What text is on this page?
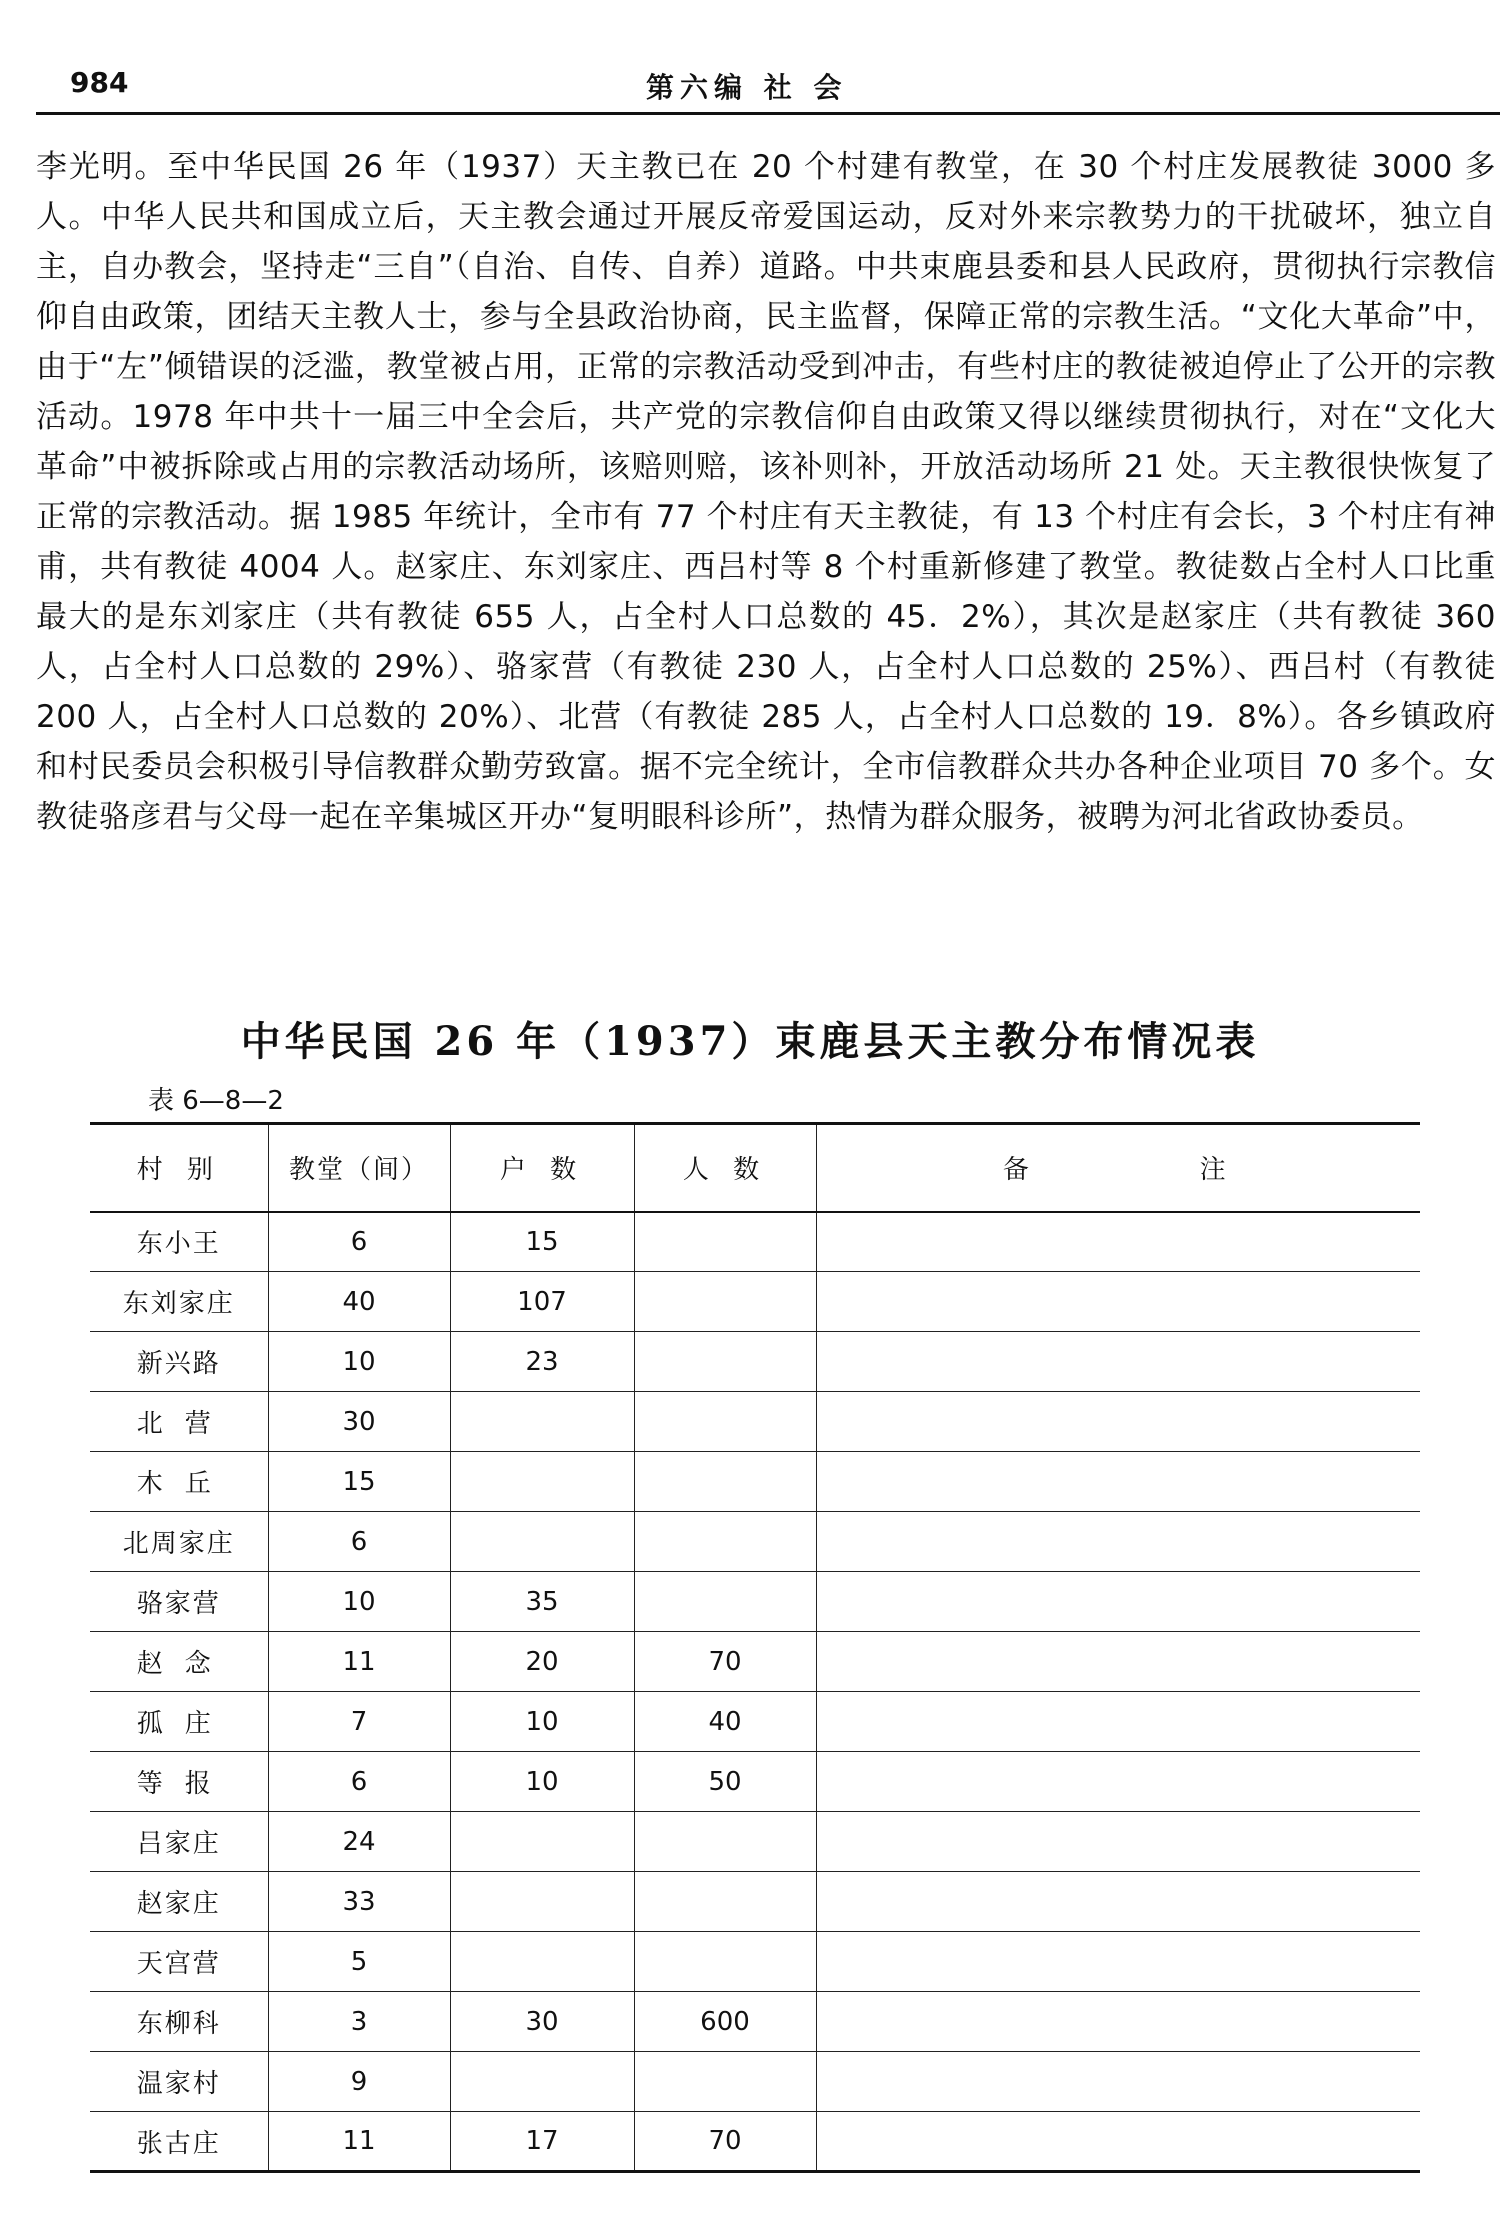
984	第六编 社 会

李光明。至中华民国 26 年（1937）天主教已在 20 个村建有教堂，在 30 个村庄发展教徒 3000 多人。中华人民共和国成立后，天主教会通过开展反帝爱国运动，反对外来宗教势力的干扰破坏，独立自主，自办教会，坚持走“三自”（自治、自传、自养）道路。中共束鹿县委和县人民政府，贯彻执行宗教信仰自由政策，团结天主教人士，参与全县政治协商，民主监督，保障正常的宗教生活。“文化大革命”中，由于“左”倾错误的泛滥，教堂被占用，正常的宗教活动受到冲击，有些村庄的教徒被迫停止了公开的宗教活动。1978 年中共十一届三中全会后，共产党的宗教信仰自由政策又得以继续贯彻执行，对在“文化大革命”中被拆除或占用的宗教活动场所，该赔则赔，该补则补，开放活动场所 21 处。天主教很快恢复了正常的宗教活动。据 1985 年统计，全市有 77 个村庄有天主教徒，有 13 个村庄有会长，3 个村庄有神甫，共有教徒 4004 人。赵家庄、东刘家庄、西吕村等 8 个村重新修建了教堂。教徒数占全村人口比重最大的是东刘家庄（共有教徒 655 人，占全村人口总数的 45．2%），其次是赵家庄（共有教徒 360 人，占全村人口总数的 29%）、骆家营（有教徒 230 人，占全村人口总数的 25%）、西吕村（有教徒 200 人，占全村人口总数的 20%）、北营（有教徒 285 人，占全村人口总数的 19．8%）。各乡镇政府和村民委员会积极引导信教群众勤劳致富。据不完全统计，全市信教群众共办各种企业项目 70 多个。女教徒骆彦君与父母一起在辛集城区开办“复明眼科诊所”，热情为群众服务，被聘为河北省政协委员。

中华民国 26 年（1937）束鹿县天主教分布情况表
表 6—8—2
村 别	教堂（间）	户 数	人 数	备          注
东小王	6	15		
东刘家庄	40	107		
新兴路	10	23		
北营	30			
木丘	15			
北周家庄	6			
骆家营	10	35		
赵念	11	20	70	
孤庄	7	10	40	
等报	6	10	50	
吕家庄	24			
赵家庄	33			
天宫营	5			
东柳科	3	30	600	
温家村	9			
张古庄	11	17	70	
